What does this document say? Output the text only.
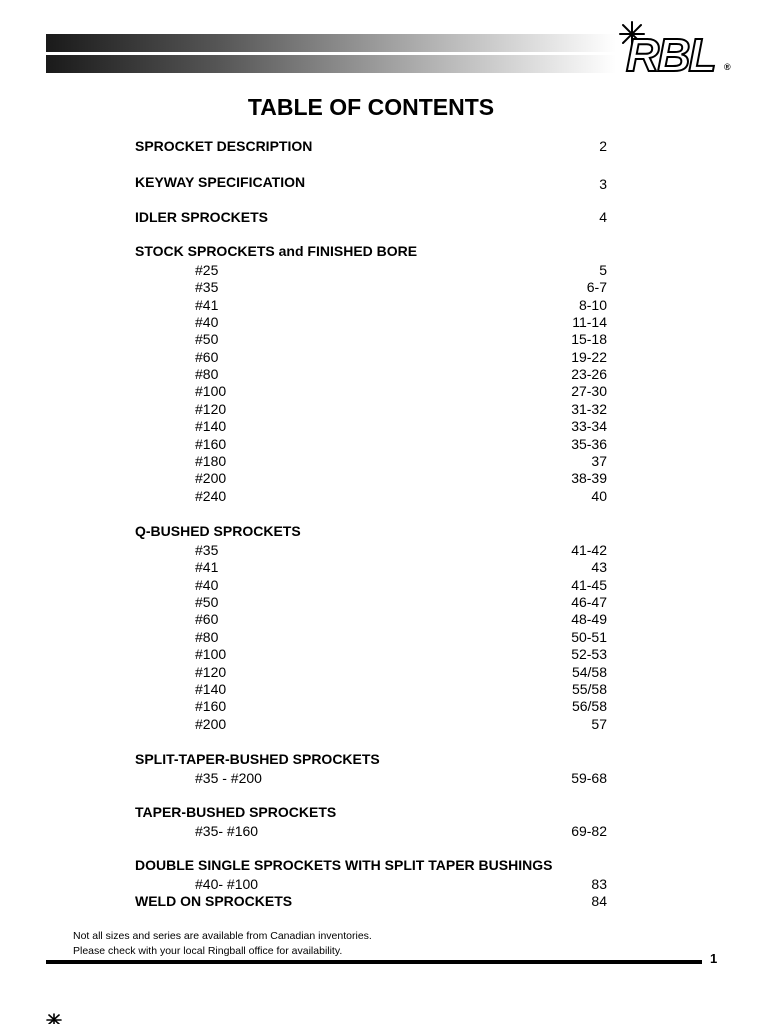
RBL ®
TABLE OF CONTENTS
SPROCKET DESCRIPTION	2
KEYWAY SPECIFICATION	3
IDLER SPROCKETS	4
STOCK SPROCKETS and FINISHED BORE
#25	5
#35	6-7
#41	8-10
#40	11-14
#50	15-18
#60	19-22
#80	23-26
#100	27-30
#120	31-32
#140	33-34
#160	35-36
#180	37
#200	38-39
#240	40
Q-BUSHED SPROCKETS
#35	41-42
#41	43
#40	41-45
#50	46-47
#60	48-49
#80	50-51
#100	52-53
#120	54/58
#140	55/58
#160	56/58
#200	57
SPLIT-TAPER-BUSHED SPROCKETS
#35 - #200	59-68
TAPER-BUSHED SPROCKETS
#35- #160	69-82
DOUBLE SINGLE SPROCKETS WITH SPLIT TAPER BUSHINGS
#40- #100	83
WELD ON SPROCKETS	84
Not all sizes and series are available from Canadian inventories.
Please check with your local Ringball office for availability.	1
